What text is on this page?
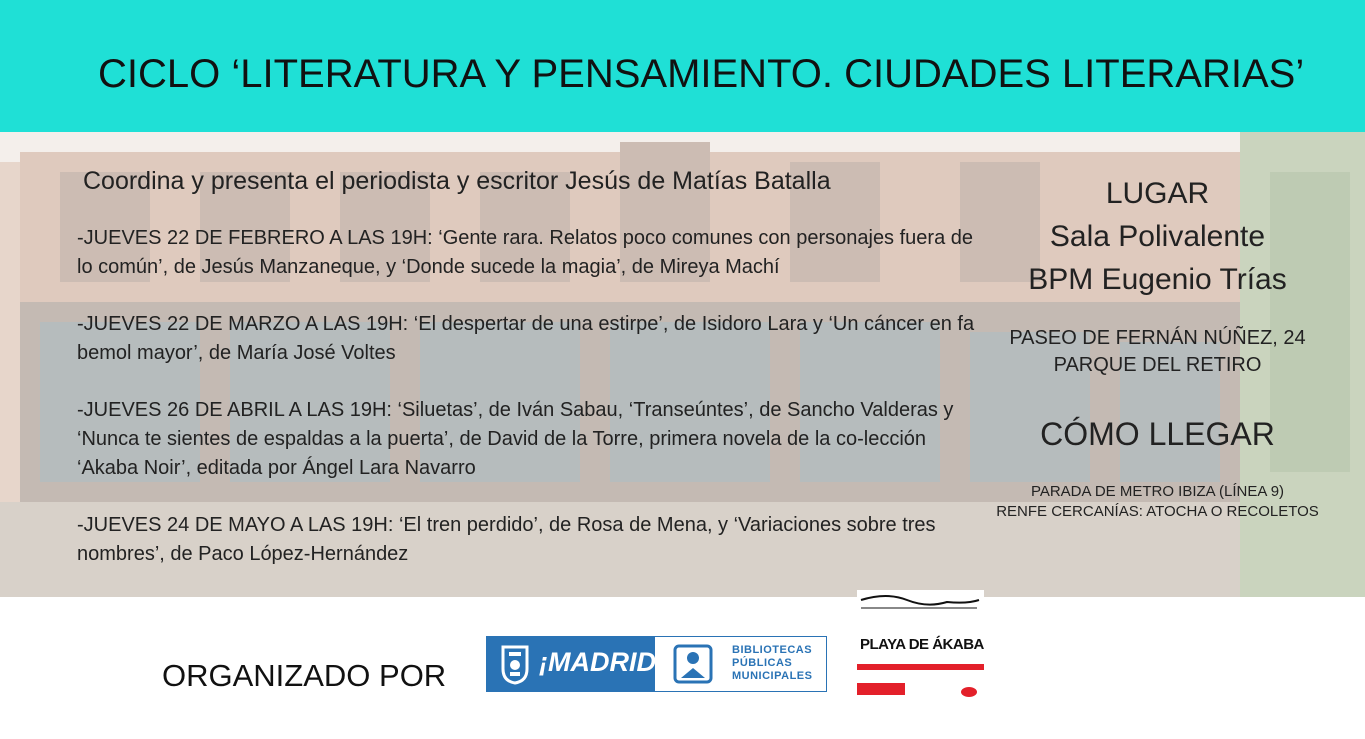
CICLO ‘LITERATURA Y PENSAMIENTO. CIUDADES LITERARIAS’
Coordina y presenta el periodista y escritor Jesús de Matías Batalla
-JUEVES 22 DE FEBRERO A LAS 19H: ‘Gente rara. Relatos poco comunes con personajes fuera de lo común’, de Jesús Manzaneque, y ‘Donde sucede la magia’, de Mireya Machí
-JUEVES 22 DE MARZO A LAS 19H: ‘El despertar de una estirpe’, de Isidoro Lara y ‘Un cáncer en fa bemol mayor’, de María José Voltes
-JUEVES 26 DE ABRIL A LAS 19H: ‘Siluetas’, de Iván Sabau, ‘Transeúntes’, de Sancho Valderas y ‘Nunca te sientes de espaldas a la puerta’, de David de la Torre, primera novela de la co-lección ‘Akaba Noir’, editada por Ángel Lara Navarro
-JUEVES 24 DE MAYO A LAS 19H: ‘El tren perdido’, de Rosa de Mena, y ‘Variaciones sobre tres nombres’, de Paco López-Hernández
LUGAR
Sala Polivalente
BPM Eugenio Trías
PASEO DE FERNÁN NÚÑEZ, 24
PARQUE DEL RETIRO
CÓMO LLEGAR
PARADA DE METRO IBIZA (LÍNEA 9)
RENFE CERCANÍAS: ATOCHA O RECOLETOS
ORGANIZADO POR	¡MADRID!	BIBLIOTECAS
PÚBLICAS
MUNICIPALES
PLAYA DE ÁKABA
